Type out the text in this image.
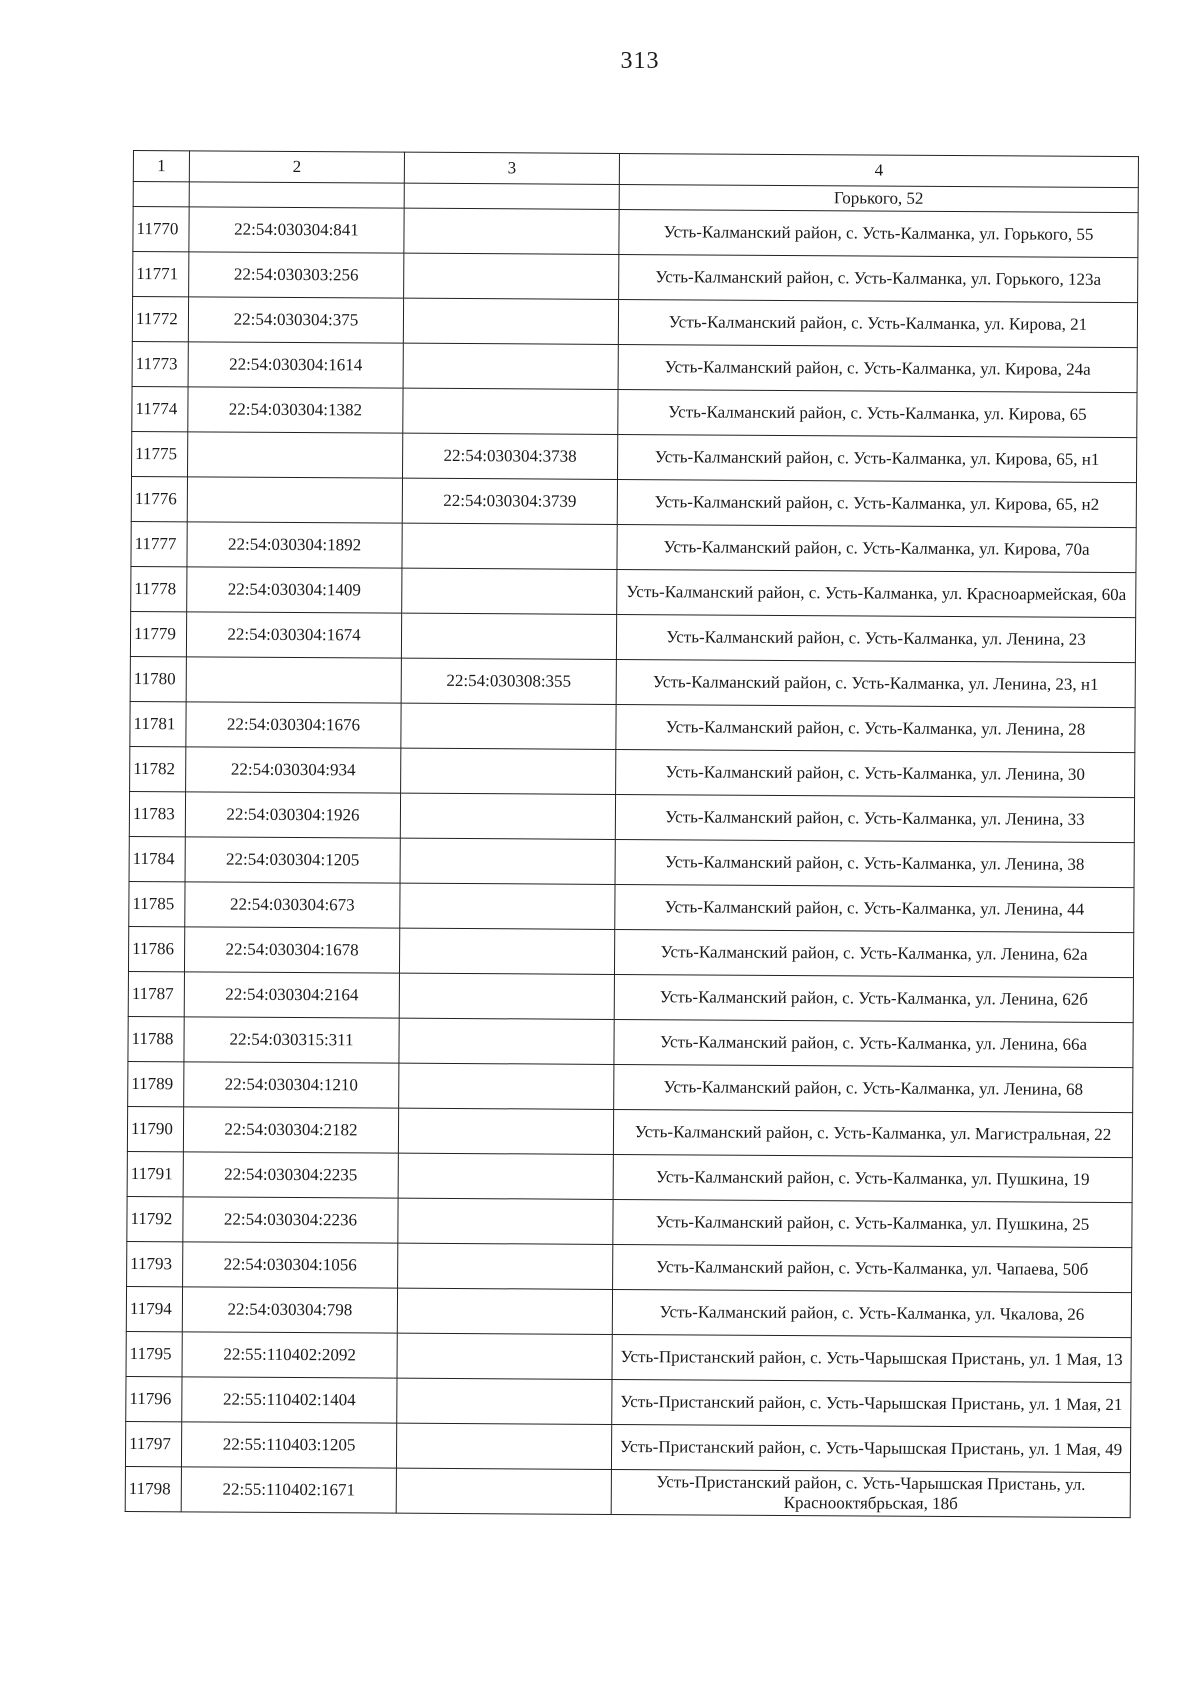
313
1	2	3	4
			Горького, 52
11770	22:54:030304:841		Усть-Калманский район, с. Усть-Калманка, ул. Горького, 55
11771	22:54:030303:256		Усть-Калманский район, с. Усть-Калманка, ул. Горького, 123а
11772	22:54:030304:375		Усть-Калманский район, с. Усть-Калманка, ул. Кирова, 21
11773	22:54:030304:1614		Усть-Калманский район, с. Усть-Калманка, ул. Кирова, 24а
11774	22:54:030304:1382		Усть-Калманский район, с. Усть-Калманка, ул. Кирова, 65
11775		22:54:030304:3738	Усть-Калманский район, с. Усть-Калманка, ул. Кирова, 65, н1
11776		22:54:030304:3739	Усть-Калманский район, с. Усть-Калманка, ул. Кирова, 65, н2
11777	22:54:030304:1892		Усть-Калманский район, с. Усть-Калманка, ул. Кирова, 70а
11778	22:54:030304:1409		Усть-Калманский район, с. Усть-Калманка, ул. Красноармейская, 60а
11779	22:54:030304:1674		Усть-Калманский район, с. Усть-Калманка, ул. Ленина, 23
11780		22:54:030308:355	Усть-Калманский район, с. Усть-Калманка, ул. Ленина, 23, н1
11781	22:54:030304:1676		Усть-Калманский район, с. Усть-Калманка, ул. Ленина, 28
11782	22:54:030304:934		Усть-Калманский район, с. Усть-Калманка, ул. Ленина, 30
11783	22:54:030304:1926		Усть-Калманский район, с. Усть-Калманка, ул. Ленина, 33
11784	22:54:030304:1205		Усть-Калманский район, с. Усть-Калманка, ул. Ленина, 38
11785	22:54:030304:673		Усть-Калманский район, с. Усть-Калманка, ул. Ленина, 44
11786	22:54:030304:1678		Усть-Калманский район, с. Усть-Калманка, ул. Ленина, 62а
11787	22:54:030304:2164		Усть-Калманский район, с. Усть-Калманка, ул. Ленина, 62б
11788	22:54:030315:311		Усть-Калманский район, с. Усть-Калманка, ул. Ленина, 66а
11789	22:54:030304:1210		Усть-Калманский район, с. Усть-Калманка, ул. Ленина, 68
11790	22:54:030304:2182		Усть-Калманский район, с. Усть-Калманка, ул. Магистральная, 22
11791	22:54:030304:2235		Усть-Калманский район, с. Усть-Калманка, ул. Пушкина, 19
11792	22:54:030304:2236		Усть-Калманский район, с. Усть-Калманка, ул. Пушкина, 25
11793	22:54:030304:1056		Усть-Калманский район, с. Усть-Калманка, ул. Чапаева, 50б
11794	22:54:030304:798		Усть-Калманский район, с. Усть-Калманка, ул. Чкалова, 26
11795	22:55:110402:2092		Усть-Пристанский район, с. Усть-Чарышская Пристань, ул. 1 Мая, 13
11796	22:55:110402:1404		Усть-Пристанский район, с. Усть-Чарышская Пристань, ул. 1 Мая, 21
11797	22:55:110403:1205		Усть-Пристанский район, с. Усть-Чарышская Пристань, ул. 1 Мая, 49
11798	22:55:110402:1671		Усть-Пристанский район, с. Усть-Чарышская Пристань, ул. Краснооктябрьская, 18б
